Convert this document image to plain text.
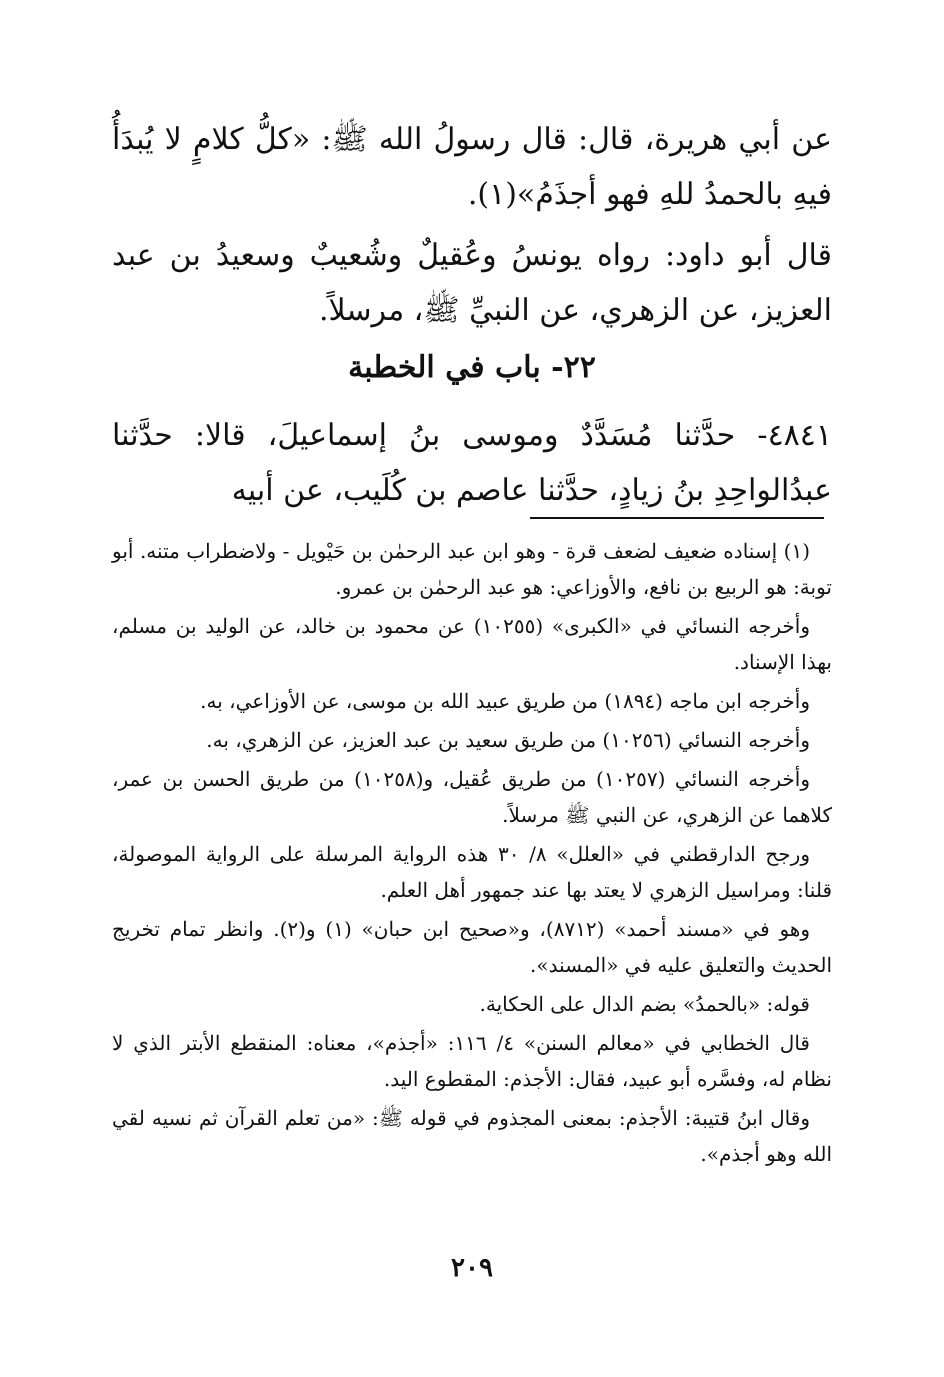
عن أبي هريرة، قال: قال رسولُ الله ﷺ: «كلُّ كلامٍ لا يُبدَأُ فيهِ بالحمدُ للهِ فهو أجذَمُ»(١).

قال أبو داود: رواه يونسُ وعُقيلٌ وشُعيبٌ وسعيدُ بن عبد العزيز، عن الزهري، عن النبيِّ ﷺ، مرسلاً.

٢٢- باب في الخطبة

٤٨٤١- حدَّثنا مُسَدَّدٌ وموسى بنُ إسماعيلَ، قالا: حدَّثنا عبدُالواحِدِ بنُ زيادٍ، حدَّثنا عاصم بن كُلَيب، عن أبيه

(١) إسناده ضعيف لضعف قرة - وهو ابن عبد الرحمٰن بن حَيْويل - ولاضطراب متنه. أبو توبة: هو الربيع بن نافع، والأوزاعي: هو عبد الرحمٰن بن عمرو.

وأخرجه النسائي في «الكبرى» (١٠٢٥٥) عن محمود بن خالد، عن الوليد بن مسلم، بهذا الإسناد.

وأخرجه ابن ماجه (١٨٩٤) من طريق عبيد الله بن موسى، عن الأوزاعي، به.

وأخرجه النسائي (١٠٢٥٦) من طريق سعيد بن عبد العزيز، عن الزهري، به.

وأخرجه النسائي (١٠٢٥٧) من طريق عُقيل، و(١٠٢٥٨) من طريق الحسن بن عمر، كلاهما عن الزهري، عن النبي ﷺ مرسلاً.

ورجح الدارقطني في «العلل» ٨/ ٣٠ هذه الرواية المرسلة على الرواية الموصولة، قلنا: ومراسيل الزهري لا يعتد بها عند جمهور أهل العلم.

وهو في «مسند أحمد» (٨٧١٢)، و«صحيح ابن حبان» (١) و(٢). وانظر تمام تخريج الحديث والتعليق عليه في «المسند».

قوله: «بالحمدُ» بضم الدال على الحكاية.

قال الخطابي في «معالم السنن» ٤/ ١١٦: «أجذم»، معناه: المنقطع الأبتر الذي لا نظام له، وفسَّره أبو عبيد، فقال: الأجذم: المقطوع اليد.

وقال ابنُ قتيبة: الأجذم: بمعنى المجذوم في قوله ﷺ: «من تعلم القرآن ثم نسيه لقي الله وهو أجذم».

٢٠٩
